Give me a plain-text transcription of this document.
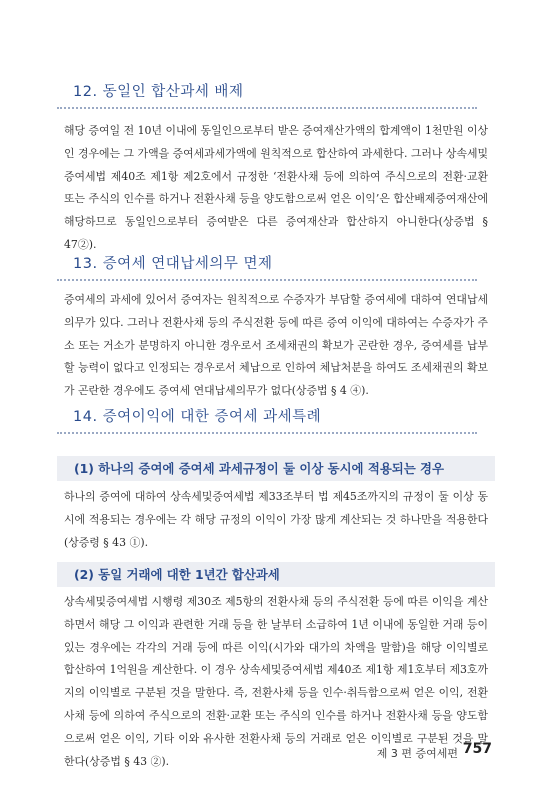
12. 동일인 합산과세 배제

해당 증여일 전 10년 이내에 동일인으로부터 받은 증여재산가액의 합계액이 1천만원 이상인 경우에는 그 가액을 증여세과세가액에 원칙적으로 합산하여 과세한다. 그러나 상속세및증여세법 제40조 제1항 제2호에서 규정한 ‘전환사채 등에 의하여 주식으로의 전환·교환 또는 주식의 인수를 하거나 전환사채 등을 양도함으로써 얻은 이익’은 합산배제증여재산에 해당하므로 동일인으로부터 증여받은 다른 증여재산과 합산하지 아니한다(상증법 § 47②).

13. 증여세 연대납세의무 면제

증여세의 과세에 있어서 증여자는 원칙적으로 수증자가 부담할 증여세에 대하여 연대납세의무가 있다. 그러나 전환사채 등의 주식전환 등에 따른 증여 이익에 대하여는 수증자가 주소 또는 거소가 분명하지 아니한 경우로서 조세채권의 확보가 곤란한 경우, 증여세를 납부할 능력이 없다고 인정되는 경우로서 체납으로 인하여 체납처분을 하여도 조세채권의 확보가 곤란한 경우에도 증여세 연대납세의무가 없다(상증법 § 4 ④).

14. 증여이익에 대한 증여세 과세특례
(1) 하나의 증여에 증여세 과세규정이 둘 이상 동시에 적용되는 경우

하나의 증여에 대하여 상속세및증여세법 제33조부터 법 제45조까지의 규정이 둘 이상 동시에 적용되는 경우에는 각 해당 규정의 이익이 가장 많게 계산되는 것 하나만을 적용한다(상증령 § 43 ①).

(2) 동일 거래에 대한 1년간 합산과세

상속세및증여세법 시행령 제30조 제5항의 전환사채 등의 주식전환 등에 따른 이익을 계산하면서 해당 그 이익과 관련한 거래 등을 한 날부터 소급하여 1년 이내에 동일한 거래 등이 있는 경우에는 각각의 거래 등에 따른 이익(시가와 대가의 차액을 말함)을 해당 이익별로 합산하여 1억원을 계산한다. 이 경우 상속세및증여세법 제40조 제1항 제1호부터 제3호까지의 이익별로 구분된 것을 말한다. 즉, 전환사채 등을 인수·취득함으로써 얻은 이익, 전환사채 등에 의하여 주식으로의 전환·교환 또는 주식의 인수를 하거나 전환사채 등을 양도함으로써 얻은 이익, 기타 이와 유사한 전환사채 등의 거래로 얻은 이익별로 구분된 것을 말한다(상증법 § 43 ②).

제 3 편 증여세편 757
